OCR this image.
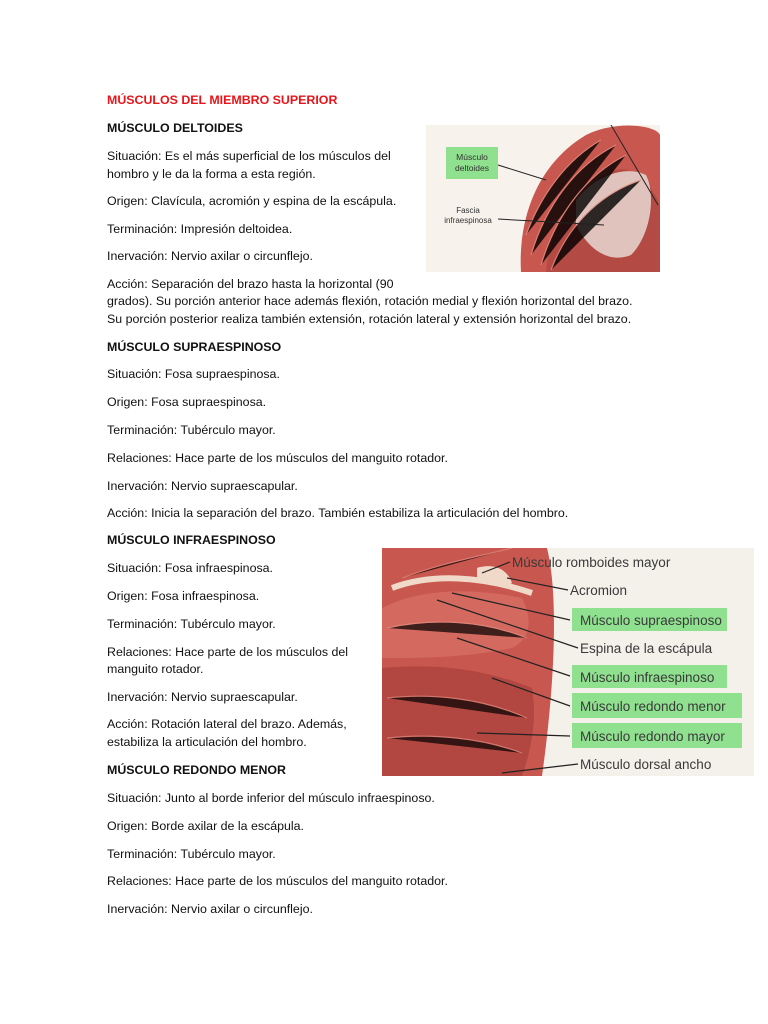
MÚSCULOS DEL MIEMBRO SUPERIOR
MÚSCULO DELTOIDES
Situación: Es el más superficial de los músculos del
hombro y le da la forma a esta región.
Origen: Clavícula, acromión y espina de la escápula.
Terminación: Impresión deltoidea.
Inervación: Nervio axilar o circunflejo.
Acción: Separación del brazo hasta la horizontal (90
grados). Su porción anterior hace además flexión, rotación medial y flexión horizontal del brazo.
Su porción posterior realiza también extensión, rotación lateral y extensión horizontal del brazo.
Músculo
deltoides
Fascia
infraespinosa
MÚSCULO SUPRAESPINOSO
Situación: Fosa supraespinosa.
Origen: Fosa supraespinosa.
Terminación: Tubérculo mayor.
Relaciones: Hace parte de los músculos del manguito rotador.
Inervación: Nervio supraescapular.
Acción: Inicia la separación del brazo. También estabiliza la articulación del hombro.
MÚSCULO INFRAESPINOSO
Situación: Fosa infraespinosa.
Origen: Fosa infraespinosa.
Terminación: Tubérculo mayor.
Relaciones: Hace parte de los músculos del
manguito rotador.
Inervación: Nervio supraescapular.
Acción: Rotación lateral del brazo. Además,
estabiliza la articulación del hombro.
Músculo romboides mayor
Acromion
Músculo supraespinoso
Espina de la escápula
Músculo infraespinoso
Músculo redondo menor
Músculo redondo mayor
Músculo dorsal ancho
MÚSCULO REDONDO MENOR
Situación: Junto al borde inferior del músculo infraespinoso.
Origen: Borde axilar de la escápula.
Terminación: Tubérculo mayor.
Relaciones: Hace parte de los músculos del manguito rotador.
Inervación: Nervio axilar o circunflejo.
